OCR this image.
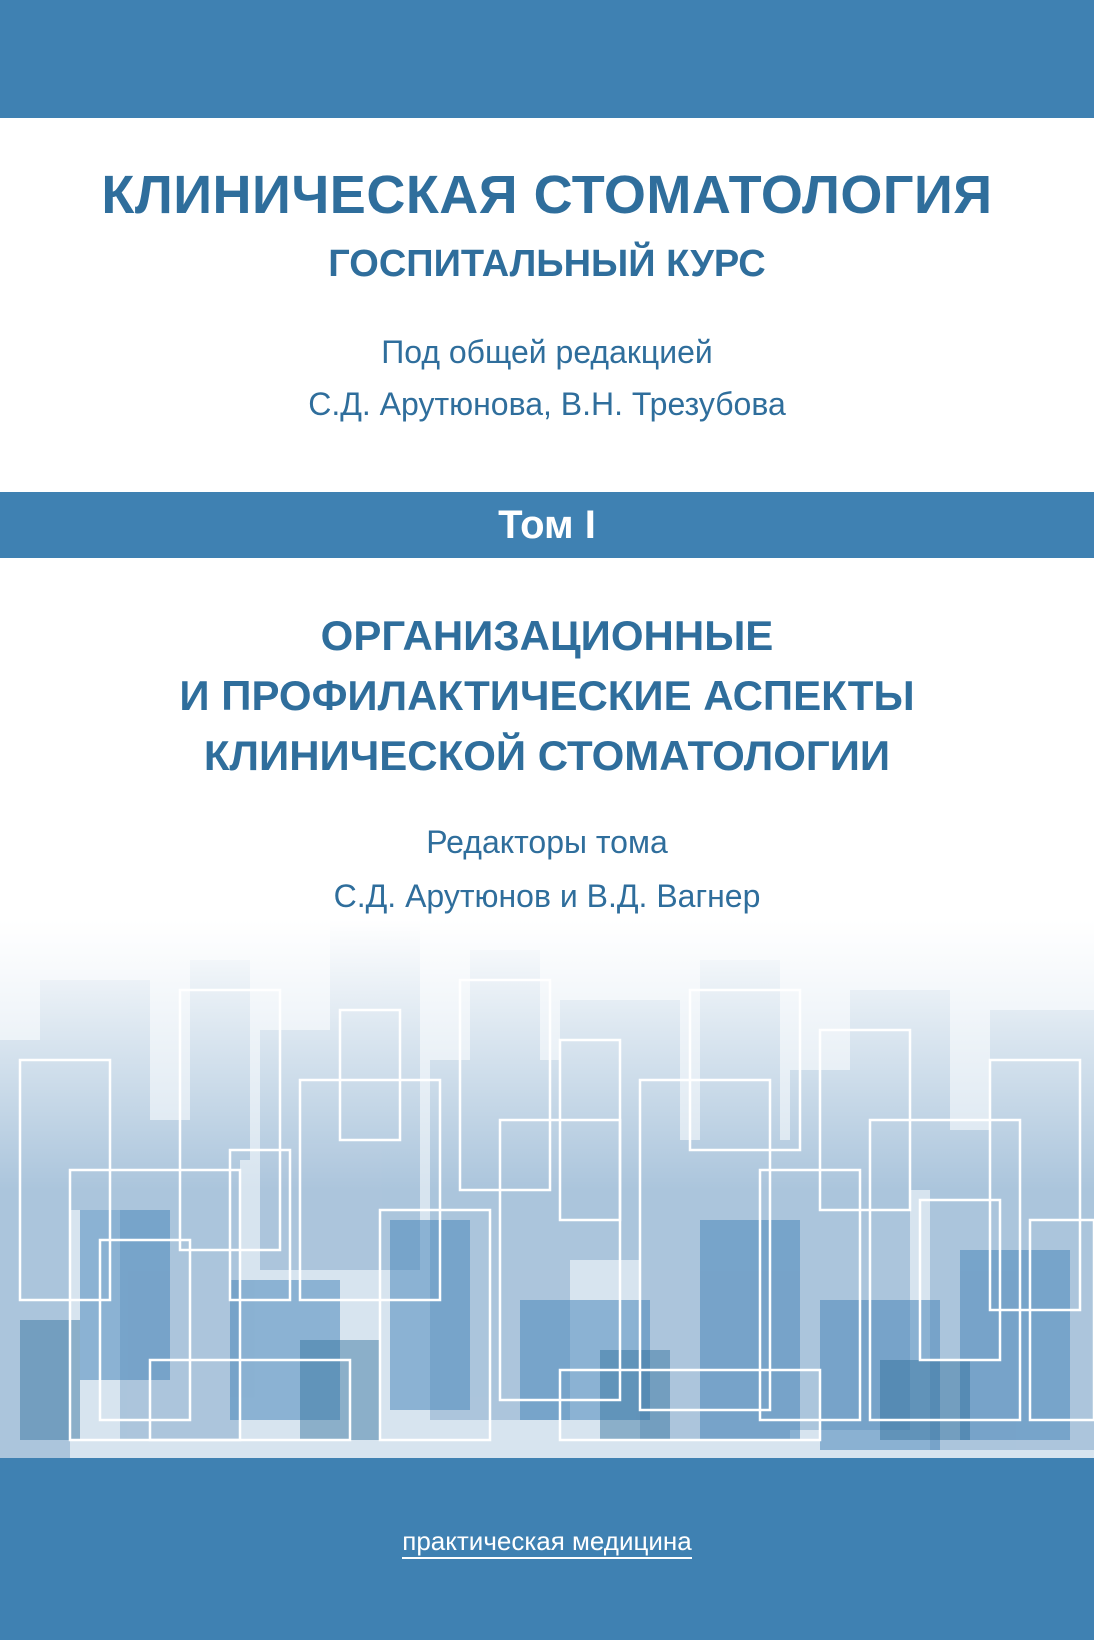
КЛИНИЧЕСКАЯ СТОМАТОЛОГИЯ
ГОСПИТАЛЬНЫЙ КУРС
Под общей редакцией
С.Д. Арутюнова, В.Н. Трезубова
Том I
ОРГАНИЗАЦИОННЫЕ
И ПРОФИЛАКТИЧЕСКИЕ АСПЕКТЫ
КЛИНИЧЕСКОЙ СТОМАТОЛОГИИ
Редакторы тома
С.Д. Арутюнов и В.Д. Вагнер
практическая медицина
